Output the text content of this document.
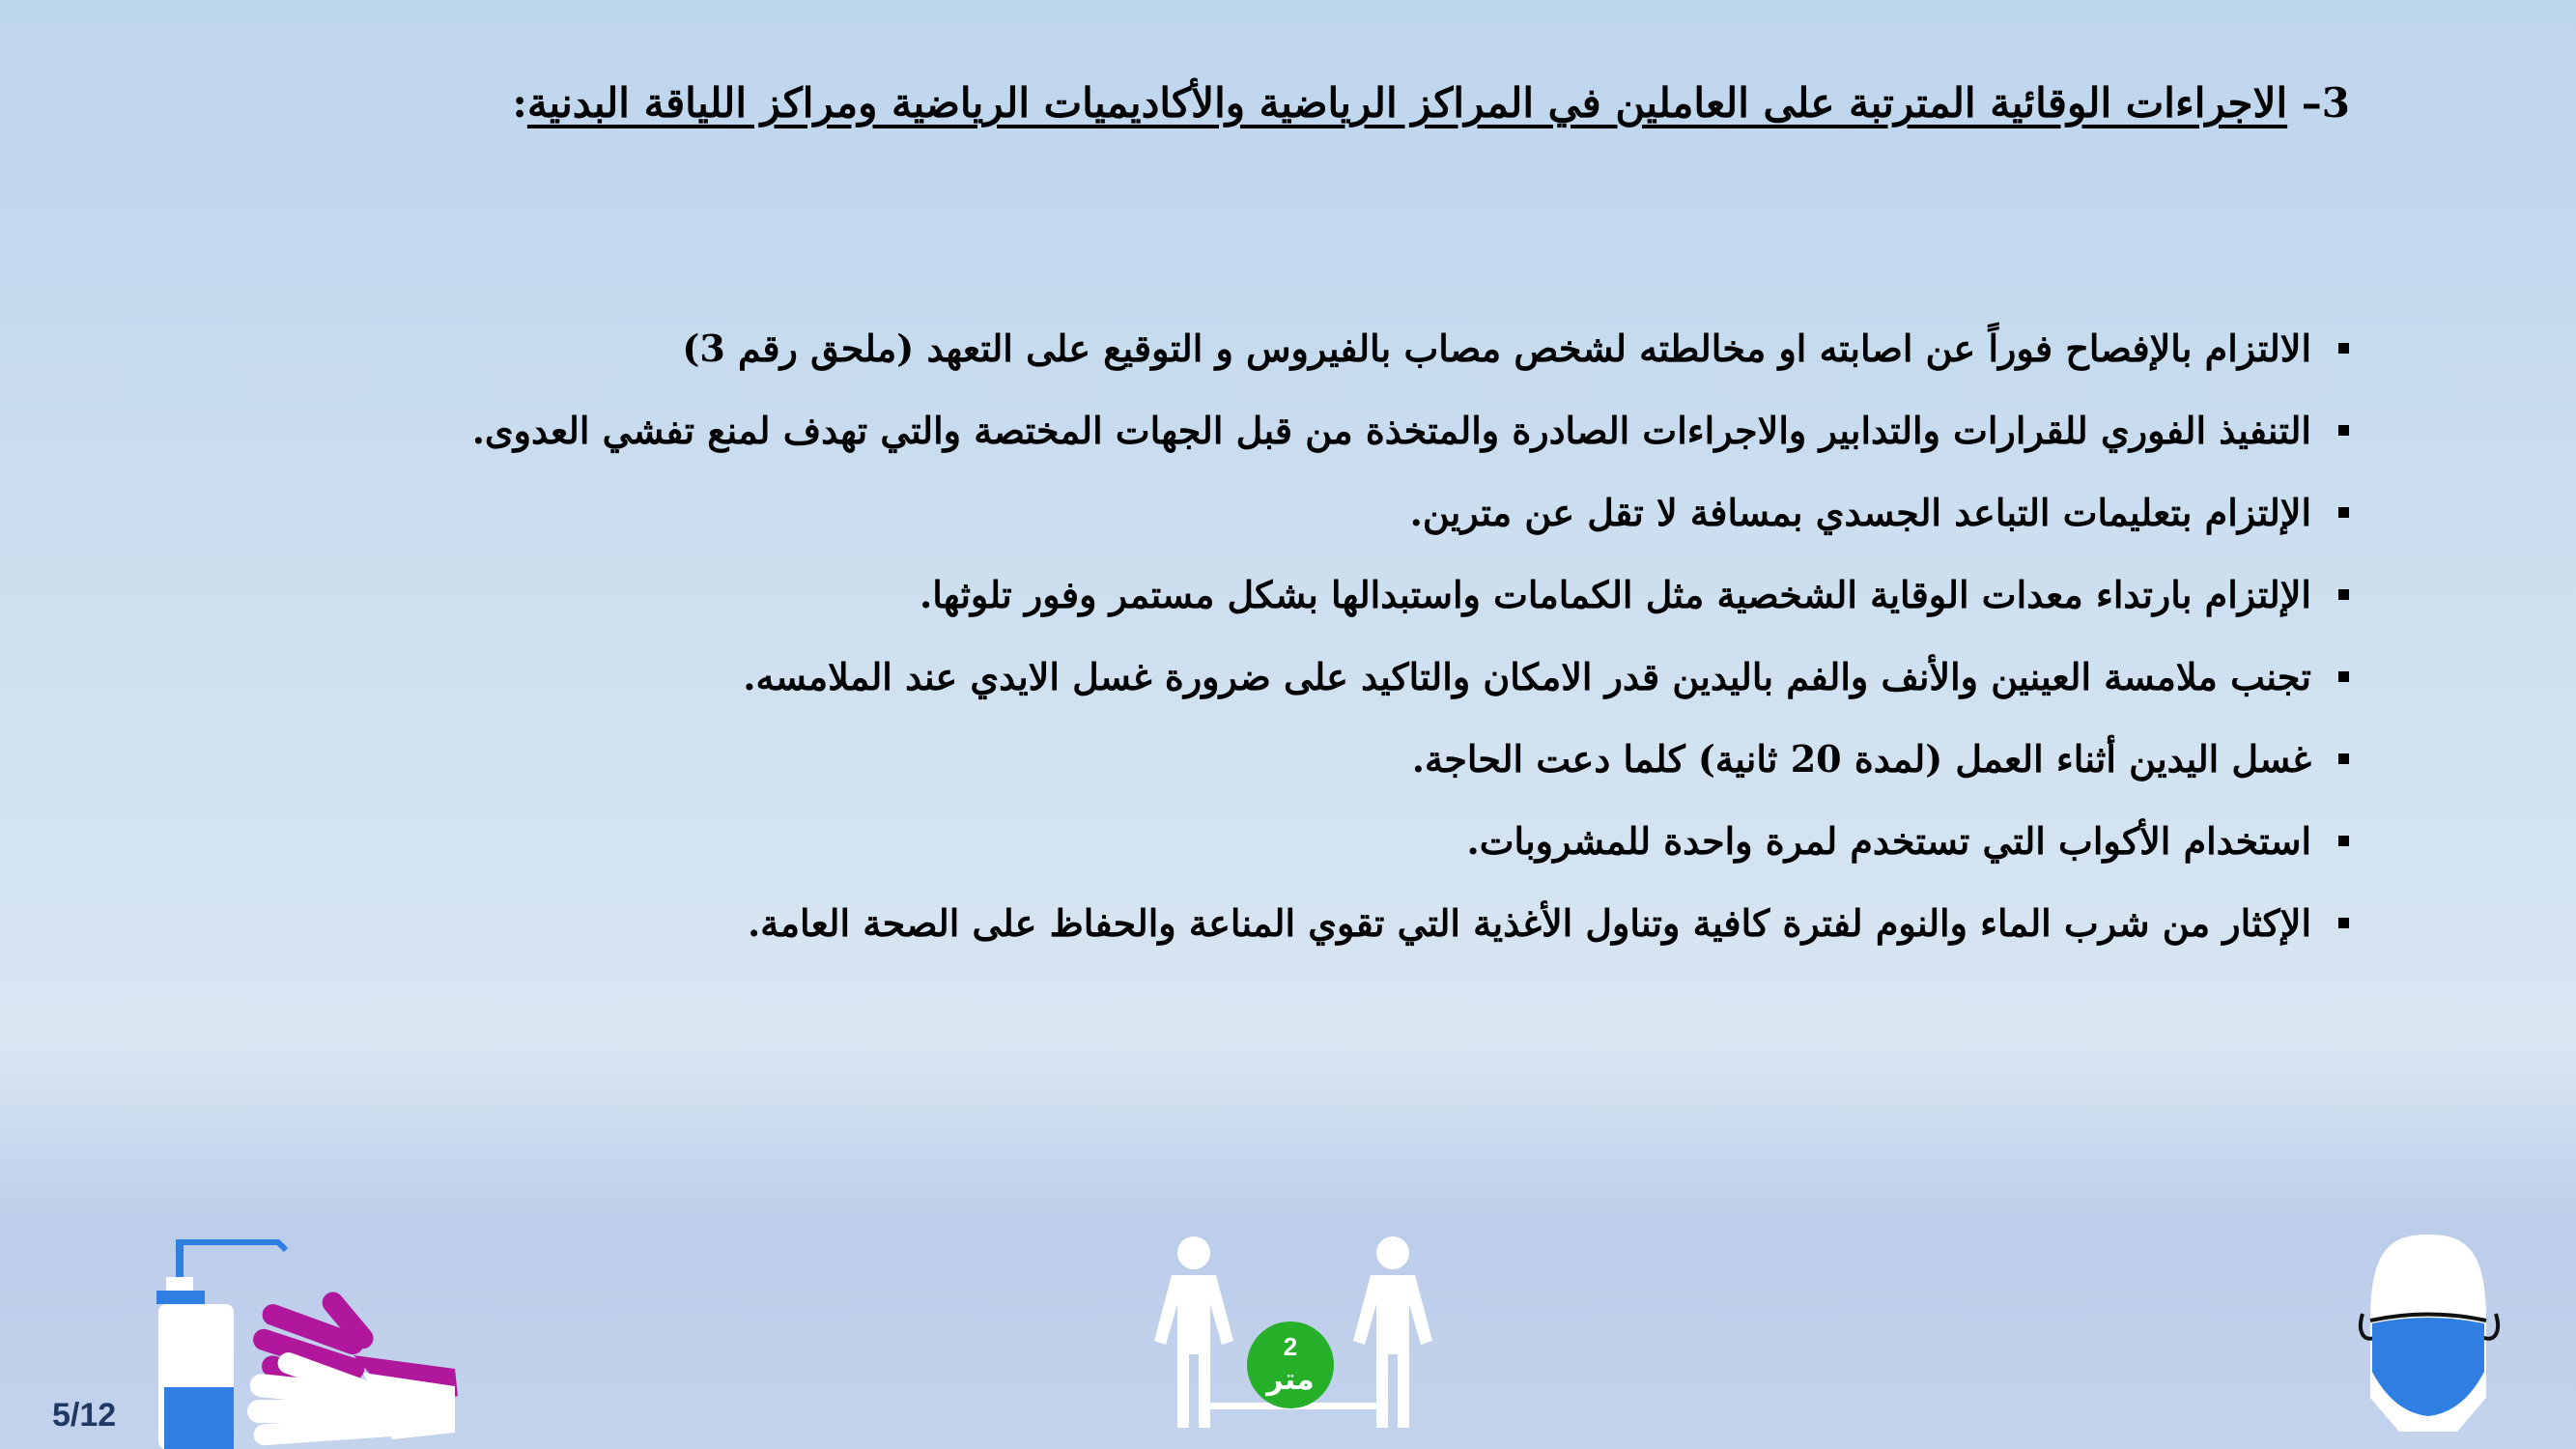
3– الاجراءات الوقائية المترتبة على العاملين في المراكز الرياضية والأكاديميات الرياضية ومراكز اللياقة البدنية:
الالتزام بالإفصاح فوراً عن اصابته او مخالطته لشخص مصاب بالفيروس و التوقيع على التعهد (ملحق رقم 3)
التنفيذ الفوري للقرارات والتدابير والاجراءات الصادرة والمتخذة من قبل الجهات المختصة والتي تهدف لمنع تفشي العدوى.
الإلتزام بتعليمات التباعد الجسدي بمسافة لا تقل عن مترين.
الإلتزام بارتداء معدات الوقاية الشخصية مثل الكمامات واستبدالها بشكل مستمر وفور تلوثها.
تجنب ملامسة العينين والأنف والفم باليدين قدر الامكان والتاكيد على ضرورة غسل الايدي عند الملامسه.
غسل اليدين أثناء العمل (لمدة 20 ثانية) كلما دعت الحاجة.
استخدام الأكواب التي تستخدم لمرة واحدة للمشروبات.
الإكثار من شرب الماء والنوم لفترة كافية وتناول الأغذية التي تقوي المناعة والحفاظ على الصحة العامة.
2
متر
5/12
